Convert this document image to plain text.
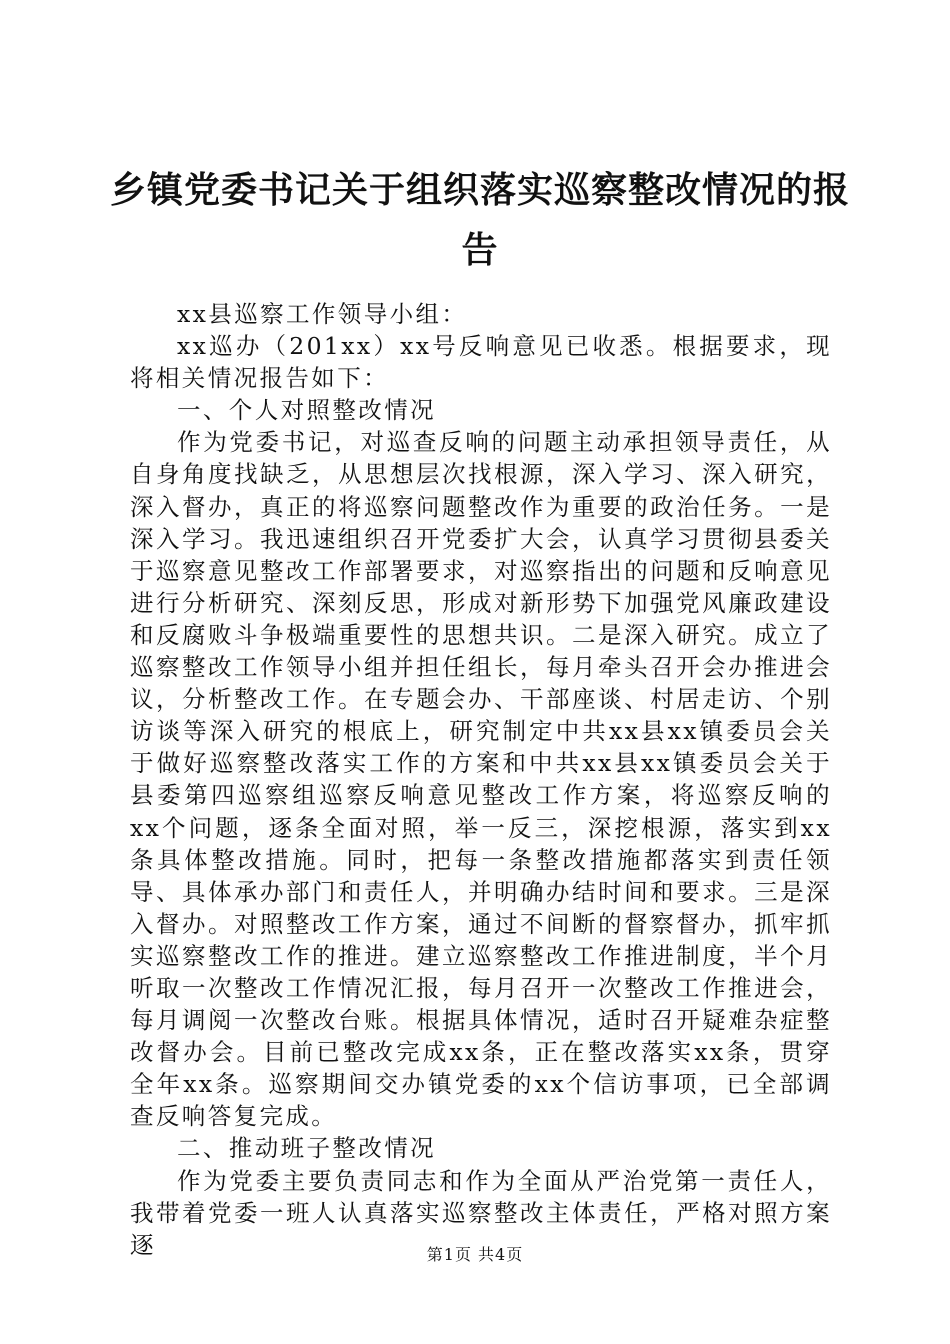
乡镇党委书记关于组织落实巡察整改情况的报告

xx县巡察工作领导小组：

xx巡办（201xx）xx号反响意见已收悉。根据要求，现将相关情况报告如下：

一、个人对照整改情况

作为党委书记，对巡查反响的问题主动承担领导责任，从自身角度找缺乏，从思想层次找根源，深入学习、深入研究，深入督办，真正的将巡察问题整改作为重要的政治任务。一是深入学习。我迅速组织召开党委扩大会，认真学习贯彻县委关于巡察意见整改工作部署要求，对巡察指出的问题和反响意见进行分析研究、深刻反思，形成对新形势下加强党风廉政建设和反腐败斗争极端重要性的思想共识。二是深入研究。成立了巡察整改工作领导小组并担任组长，每月牵头召开会办推进会议，分析整改工作。在专题会办、干部座谈、村居走访、个别访谈等深入研究的根底上，研究制定中共xx县xx镇委员会关于做好巡察整改落实工作的方案和中共xx县xx镇委员会关于县委第四巡察组巡察反响意见整改工作方案，将巡察反响的xx个问题，逐条全面对照，举一反三，深挖根源，落实到xx条具体整改措施。同时，把每一条整改措施都落实到责任领导、具体承办部门和责任人，并明确办结时间和要求。三是深入督办。对照整改工作方案，通过不间断的督察督办，抓牢抓实巡察整改工作的推进。建立巡察整改工作推进制度，半个月听取一次整改工作情况汇报，每月召开一次整改工作推进会，每月调阅一次整改台账。根据具体情况，适时召开疑难杂症整改督办会。目前已整改完成xx条，正在整改落实xx条，贯穿全年xx条。巡察期间交办镇党委的xx个信访事项，已全部调查反响答复完成。

二、推动班子整改情况

作为党委主要负责同志和作为全面从严治党第一责任人，我带着党委一班人认真落实巡察整改主体责任，严格对照方案逐	第1页 共4页
